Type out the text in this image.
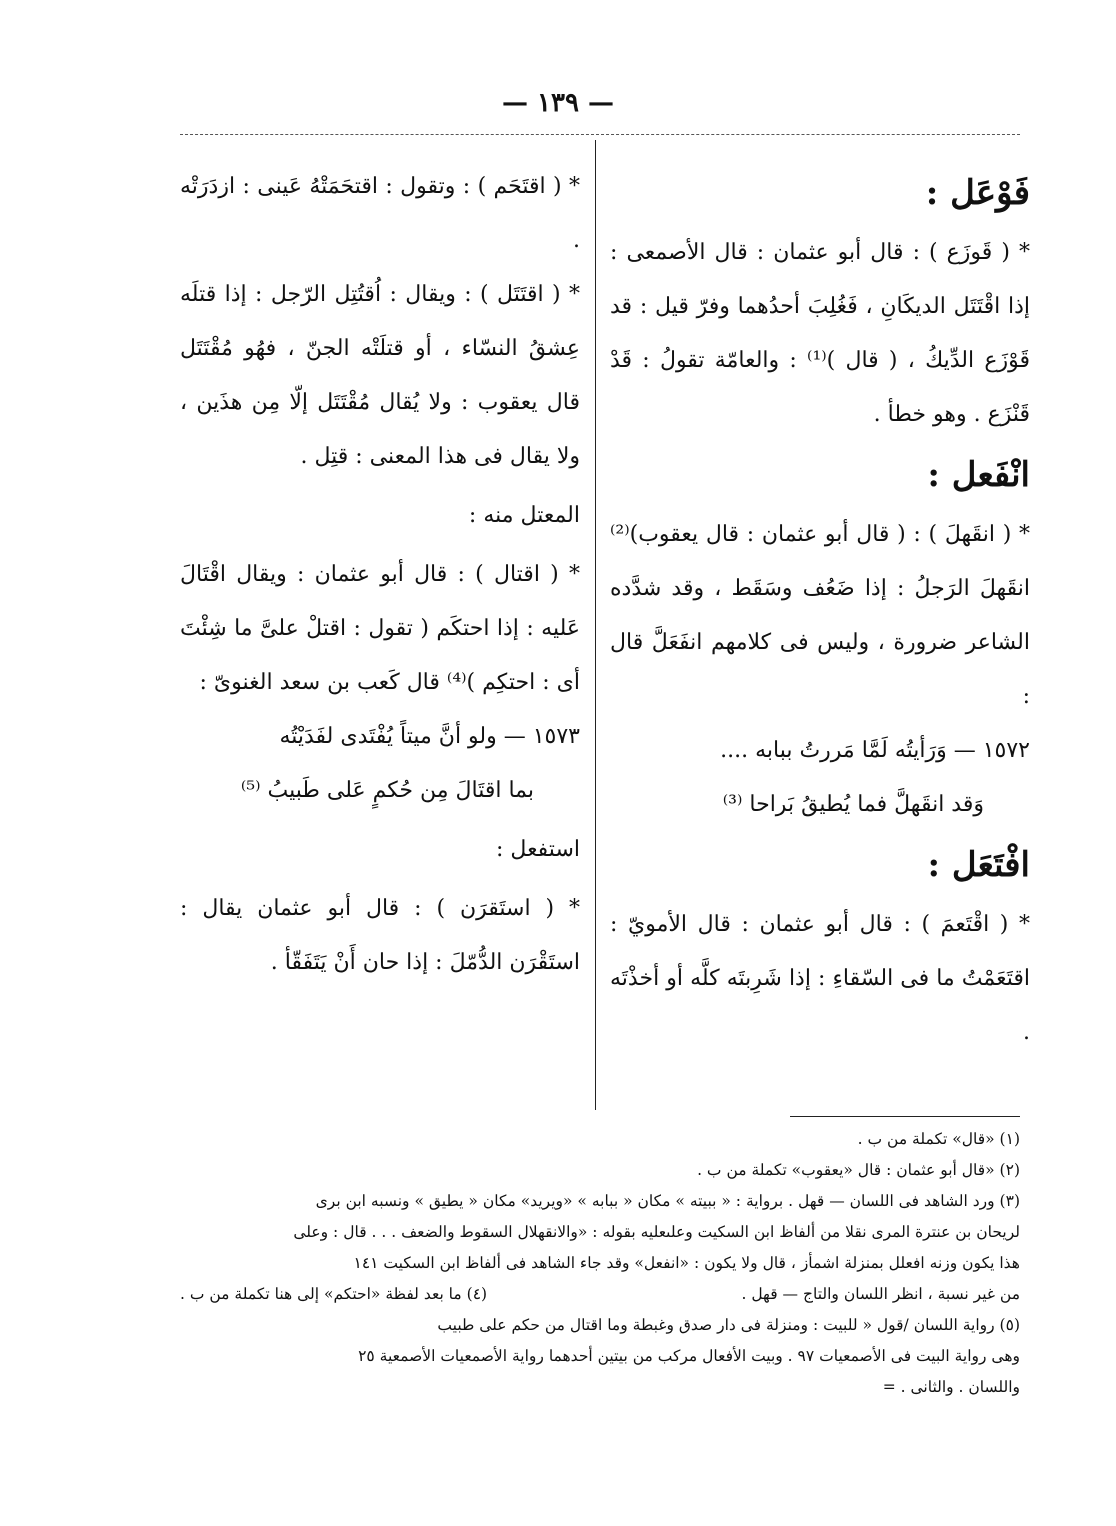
— ١٣٩ —
فَوْعَل :

* ( قَوزَع ) : قال أبو عثمان : قال الأصمعى : إذا اقْتَتَل الديكَانِ ، فَغُلِبَ أحدُهما وفرّ قيل : قد قَوْزَع الدِّيكُ ، ( قال )⁽¹⁾ : والعامّة تقولُ : قَدْ قَنْزَع . وهو خطأ .

انْفَعل :

* ( انقَهلَ ) : ( قال أبو عثمان : قال يعقوب)⁽²⁾ انقَهلَ الرَجلُ : إذا ضَعُف وسَقَط ، وقد شدَّده الشاعر ضرورة ، وليس فى كلامهم انفَعَلَّ قال :

١٥٧٢ — وَرَأيتُه لَمَّا مَررتُ ببابه ....

وَقد انقَهلَّ فما يُطيقُ بَراحا ⁽³⁾

افْتَعَل :

* ( اقْتَعمَ ) : قال أبو عثمان : قال الأمويّ : اقتَعَمْتُ ما فى السّقاءِ : إذا شَرِبتَه كلَّه أو أخذْتَه .

* ( اقتَحَم ) : وتقول : اقتحَمَتْهُ عَينى : ازدَرَتْه .

* ( اقتَتَل ) : ويقال : اُقتُتِل الرّجل : إذا قتلَه عِشقُ النسّاء ، أو قتلَتْه الجنّ ، فهُو مُقْتَتَل قال يعقوب : ولا يُقال مُقْتَتَل إلّا مِن هذَين ، ولا يقال فى هذا المعنى : قتِل .

المعتل منه :

* ( اقتال ) : قال أبو عثمان : ويقال اقْتَالَ عَليه : إذا احتكَم ( تقول : اقتلْ علىَّ ما شِئْتَ أى : احتكِم )⁽⁴⁾ قال كَعب بن سعد الغنوىّ :

١٥٧٣ — ولو أنَّ ميتاً يُفْتَدى لفَدَيْتُه

بما اقتَالَ مِن حُكمٍ عَلى طَبيبُ ⁽⁵⁾

استفعل :

* ( استَقرَن ) : قال أبو عثمان يقال : استَقْرَن الدُّمّلَ : إذا حان أَنْ يَتَفَقّأ .

(١) «قال» تكملة من ب .

(٢) «قال أبو عثمان : قال «يعقوب» تكملة من ب .

(٣) ورد الشاهد فى اللسان — قهل . برواية : « ببيته » مكان « ببابه » «ويريد» مكان « يطيق » ونسبه ابن برى

لريحان بن عنترة المرى نقلا من ألفاظ ابن السكيت وعلىعليه بقوله : «والانقهلال السقوط والضعف . . . قال : وعلى

هذا يكون وزنه افعلل بمنزلة اشمأز ، قال ولا يكون : «انفعل» وقد جاء الشاهد فى ألفاظ ابن السكيت ١٤١

من غير نسبة ، انظر اللسان والتاج — قهل .
(٤) ما بعد لفظة «احتكم» إلى هنا تكملة من ب .

(٥) رواية اللسان /قول « للبيت : ومنزلة فى دار صدق وغبطة وما اقتال من حكم على طبيب

وهى رواية البيت فى الأصمعيات ٩٧ . وبيت الأفعال مركب من بيتين أحدهما رواية الأصمعيات الأصمعية ٢٥

واللسان . والثانى . =
